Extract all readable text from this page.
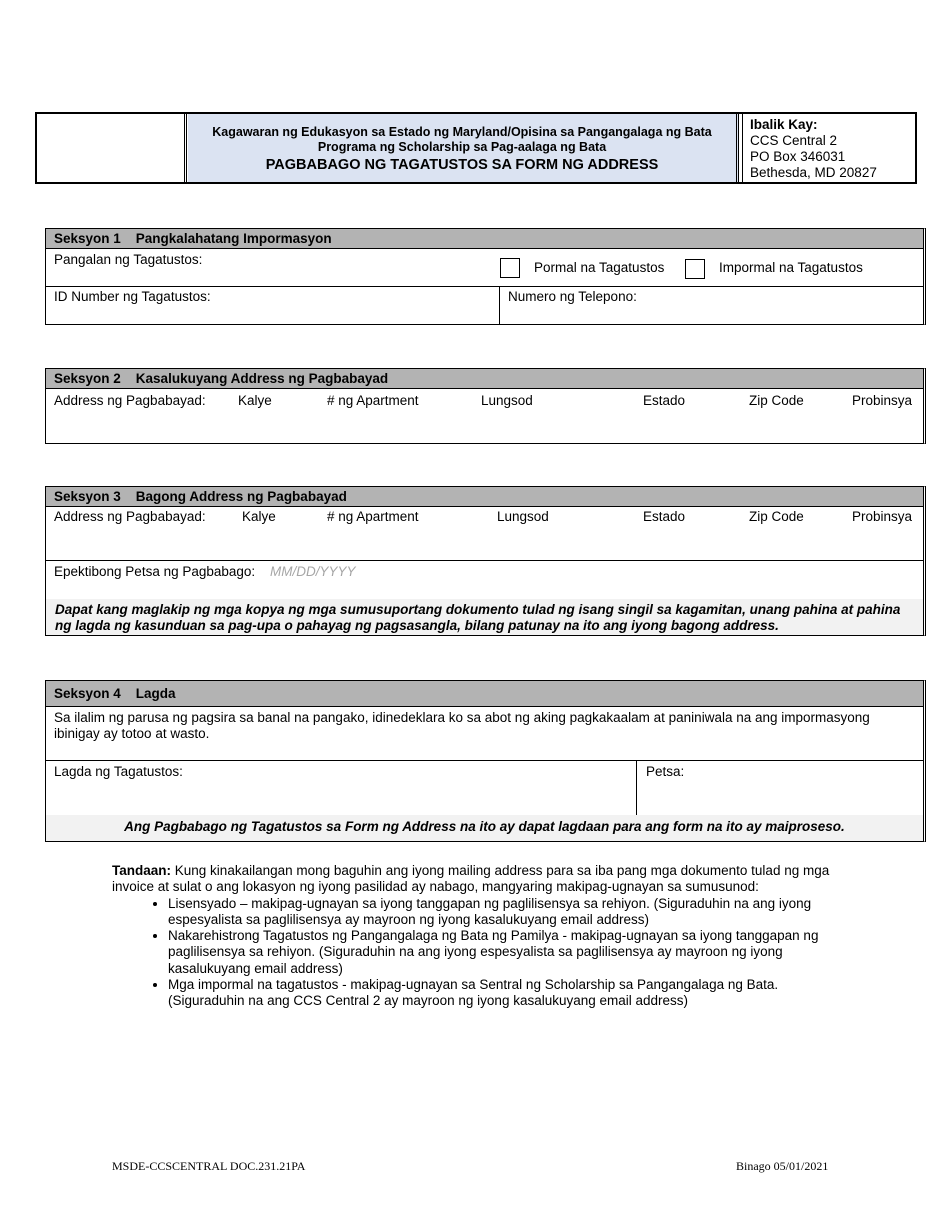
Kagawaran ng Edukasyon sa Estado ng Maryland/Opisina sa Pangangalaga ng Bata
Programa ng Scholarship sa Pag-aalaga ng Bata
PAGBABAGO NG TAGATUSTOS SA FORM NG ADDRESS
Ibalik Kay:
CCS Central 2
PO Box 346031
Bethesda, MD 20827
Seksyon 1 Pangkalahatang Impormasyon
Pangalan ng Tagatustos:
Pormal na Tagatustos	Impormal na Tagatustos
ID Number ng Tagatustos:	Numero ng Telepono:
Seksyon 2 Kasalukuyang Address ng Pagbabayad
Address ng Pagbabayad: Kalye	# ng Apartment	Lungsod	Estado	Zip Code	Probinsya
Seksyon 3 Bagong Address ng Pagbabayad
Address ng Pagbabayad:	Kalye	# ng Apartment	Lungsod	Estado	Zip Code	Probinsya
Epektibong Petsa ng Pagbabago: MM/DD/YYYY
Dapat kang maglakip ng mga kopya ng mga sumusuportang dokumento tulad ng isang singil sa kagamitan, unang pahina at pahina ng lagda ng kasunduan sa pag-upa o pahayag ng pagsasangla, bilang patunay na ito ang iyong bagong address.
Seksyon 4 Lagda
Sa ilalim ng parusa ng pagsira sa banal na pangako, idinedeklara ko sa abot ng aking pagkakaalam at paniniwala na ang impormasyong ibinigay ay totoo at wasto.
Lagda ng Tagatustos:	Petsa:
Ang Pagbabago ng Tagatustos sa Form ng Address na ito ay dapat lagdaan para ang form na ito ay maiproseso.
Tandaan: Kung kinakailangan mong baguhin ang iyong mailing address para sa iba pang mga dokumento tulad ng mga invoice at sulat o ang lokasyon ng iyong pasilidad ay nabago, mangyaring makipag-ugnayan sa sumusunod:
• Lisensyado – makipag-ugnayan sa iyong tanggapan ng paglilisensya sa rehiyon. (Siguraduhin na ang iyong espesyalista sa paglilisensya ay mayroon ng iyong kasalukuyang email address)
• Nakarehistrong Tagatustos ng Pangangalaga ng Bata ng Pamilya - makipag-ugnayan sa iyong tanggapan ng paglilisensya sa rehiyon. (Siguraduhin na ang iyong espesyalista sa paglilisensya ay mayroon ng iyong kasalukuyang email address)
• Mga impormal na tagatustos - makipag-ugnayan sa Sentral ng Scholarship sa Pangangalaga ng Bata. (Siguraduhin na ang CCS Central 2 ay mayroon ng iyong kasalukuyang email address)
MSDE-CCSCENTRAL DOC.231.21PA	Binago 05/01/2021
